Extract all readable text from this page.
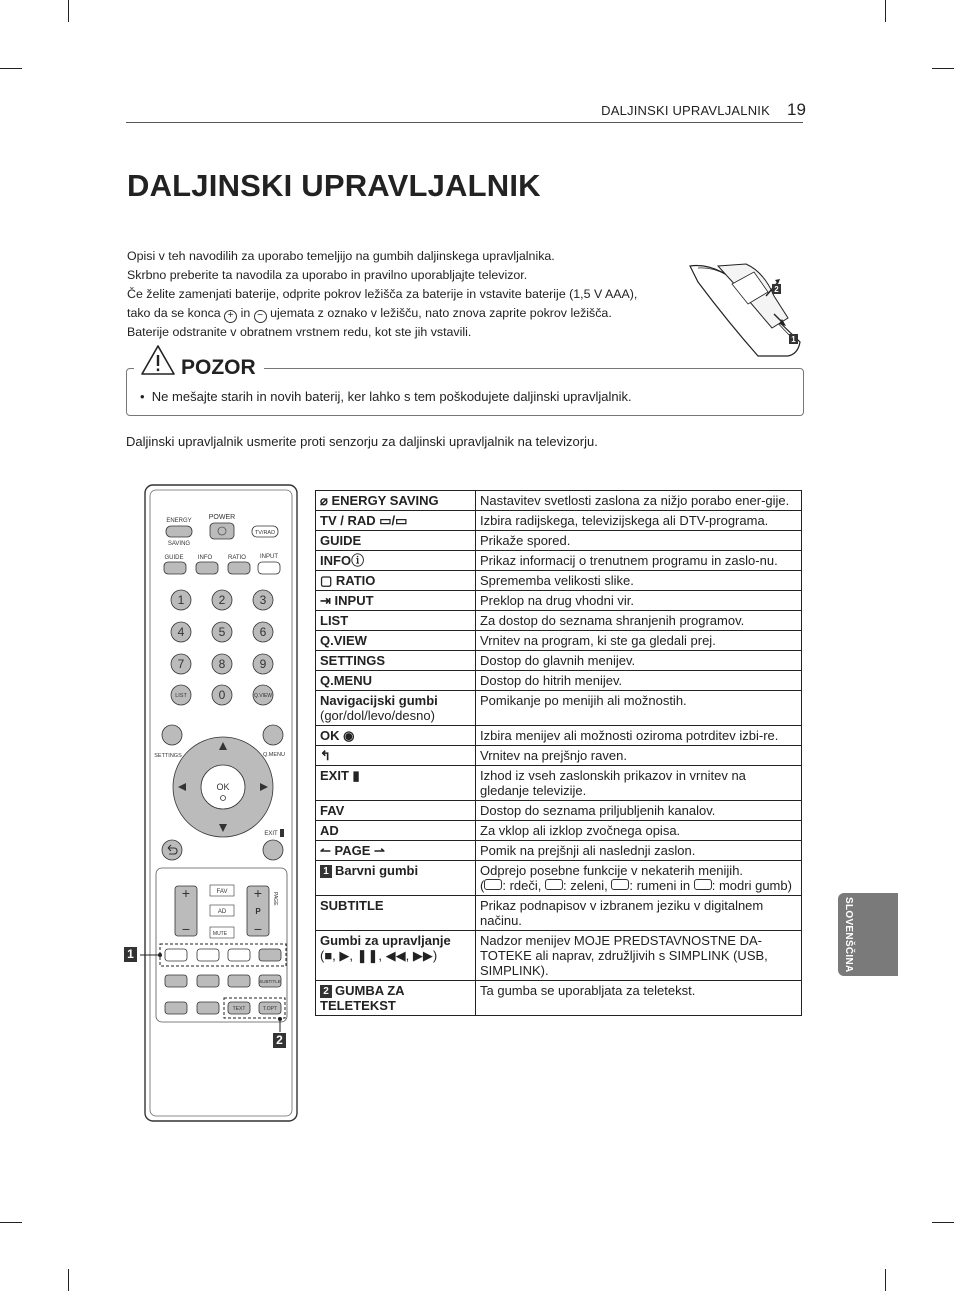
DALJINSKI UPRAVLJALNIK 19
DALJINSKI UPRAVLJALNIK
Opisi v teh navodilih za uporabo temeljijo na gumbih daljinskega upravljalnika.
Skrbno preberite ta navodila za uporabo in pravilno uporabljajte televizor.
Če želite zamenjati baterije, odprite pokrov ležišča za baterije in vstavite baterije (1,5 V AAA),
tako da se konca + in − ujemata z oznako v ležišču, nato znova zaprite pokrov ležišča.
Baterije odstranite v obratnem vrstnem redu, kot ste jih vstavili.
2
1
POZOR
• Ne mešajte starih in novih baterij, ker lahko s tem poškodujete daljinski upravljalnik.
Daljinski upravljalnik usmerite proti senzorju za daljinski upravljalnik na televizorju.
ENERGY
SAVING
POWER
TV/RAD
GUIDE INFO	RATIO INPUT
1	2	3
4	5	6
7	8	9
LIST	0	Q.VIEW
SETTINGS	Q.MENU
OK
EXIT
+
−
FAV
AD
MUTE
+
P
−
PAGE
SUBTITLE
TEXT	T.OPT
1
2
⌀ ENERGY SAVING	Nastavitev svetlosti zaslona za nižjo porabo ener-gije.
TV / RAD ▭/▭	Izbira radijskega, televizijskega ali DTV-programa.
GUIDE	Prikaže spored.
INFOⓘ	Prikaz informacij o trenutnem programu in zaslo-nu.
▢ RATIO	Sprememba velikosti slike.
⇥ INPUT	Preklop na drug vhodni vir.
LIST	Za dostop do seznama shranjenih programov.
Q.VIEW	Vrnitev na program, ki ste ga gledali prej.
SETTINGS	Dostop do glavnih menijev.
Q.MENU	Dostop do hitrih menijev.

Navigacijski gumbi
(gor/dol/levo/desno)	Pomikanje po menijih ali možnostih.
OK ◉	Izbira menijev ali možnosti oziroma potrditev izbi-re.
↰	Vrnitev na prejšnjo raven.
EXIT ▮	Izhod iz vseh zaslonskih prikazov in vrnitev na gledanje televizije.
FAV	Dostop do seznama priljubljenih kanalov.
AD	Za vklop ali izklop zvočnega opisa.
↼ PAGE ⇀	Pomik na prejšnji ali naslednji zaslon.
1 Barvni gumbi	Odprejo posebne funkcije v nekaterih menijih.
( : rdeči, : zeleni, : rumeni in : modri gumb)

SUBTITLE	Prikaz podnapisov v izbranem jeziku v digitalnem načinu.

Gumbi za upravljanje
(■, ▶, ❚❚, ◀◀, ▶▶)	Nadzor menijev MOJE PREDSTAVNOSTNE DA-TOTEKE ali naprav, združljivih s SIMPLINK (USB, SIMPLINK).
2 GUMBA ZA TELETEKST	Ta gumba se uporabljata za teletekst.
SLOVENŠČINA
